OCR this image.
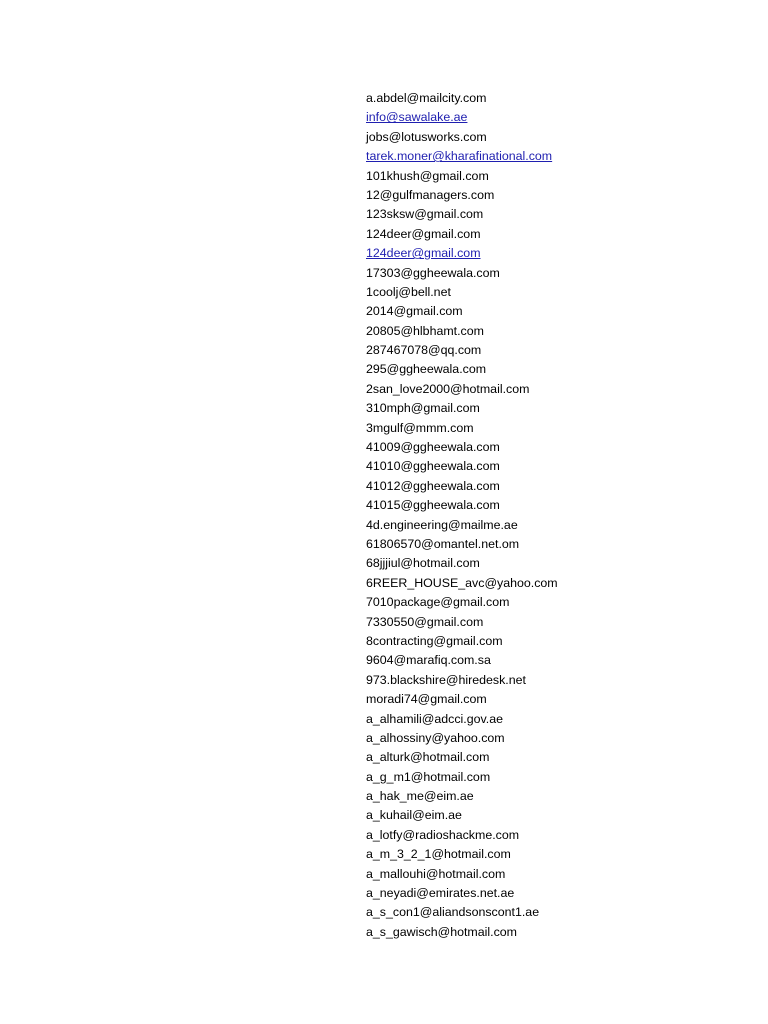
a.abdel@mailcity.com
info@sawalake.ae
jobs@lotusworks.com
tarek.moner@kharafinational.com
101khush@gmail.com
12@gulfmanagers.com
123sksw@gmail.com
124deer@gmail.com
124deer@gmail.com
17303@ggheewala.com
1coolj@bell.net
2014@gmail.com
20805@hlbhamt.com
287467078@qq.com
295@ggheewala.com
2san_love2000@hotmail.com
310mph@gmail.com
3mgulf@mmm.com
41009@ggheewala.com
41010@ggheewala.com
41012@ggheewala.com
41015@ggheewala.com
4d.engineering@mailme.ae
61806570@omantel.net.om
68jjjiul@hotmail.com
6REER_HOUSE_avc@yahoo.com
7010package@gmail.com
7330550@gmail.com
8contracting@gmail.com
9604@marafiq.com.sa
973.blackshire@hiredesk.net
moradi74@gmail.com
a_alhamili@adcci.gov.ae
a_alhossiny@yahoo.com
a_alturk@hotmail.com
a_g_m1@hotmail.com
a_hak_me@eim.ae
a_kuhail@eim.ae
a_lotfy@radioshackme.com
a_m_3_2_1@hotmail.com
a_mallouhi@hotmail.com
a_neyadi@emirates.net.ae
a_s_con1@aliandsonscont1.ae
a_s_gawisch@hotmail.com
